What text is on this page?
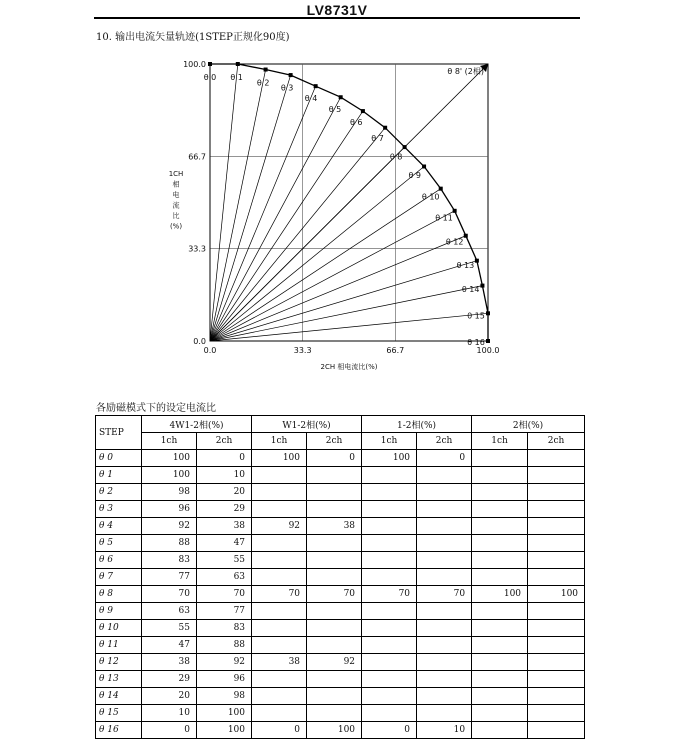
LV8731V
10. 输出电流矢量轨迹(1STEP正规化90度)
0.0	33.3	66.7	100.0
0.0
33.3
66.7
100.0
θ 8' (2相)
θ 0 θ 1
θ 2
θ 3
θ 4
θ 5
θ 6
θ 7
θ 8
θ 9
θ 10
θ 11
θ 12
θ 13
θ 14
θ 15
θ 16
2CH 相电流比(%)
1CH
相
电
流
比
(%)
各励磁模式下的设定电流比
STEP	4W1-2相(%)		W1-2相(%)		1-2相(%)		2相(%)	
	1ch	2ch	1ch	2ch	1ch	2ch	1ch	2ch
θ 0	100	0	100	0	100	0		
θ 1	100	10						
θ 2	98	20						
θ 3	96	29						
θ 4	92	38	92	38				
θ 5	88	47						
θ 6	83	55						
θ 7	77	63						
θ 8	70	70	70	70	70	70	100	100
θ 9	63	77						
θ 10	55	83						
θ 11	47	88						
θ 12	38	92	38	92				
θ 13	29	96						
θ 14	20	98						
θ 15	10	100						
θ 16	0	100	0	100	0	10		
